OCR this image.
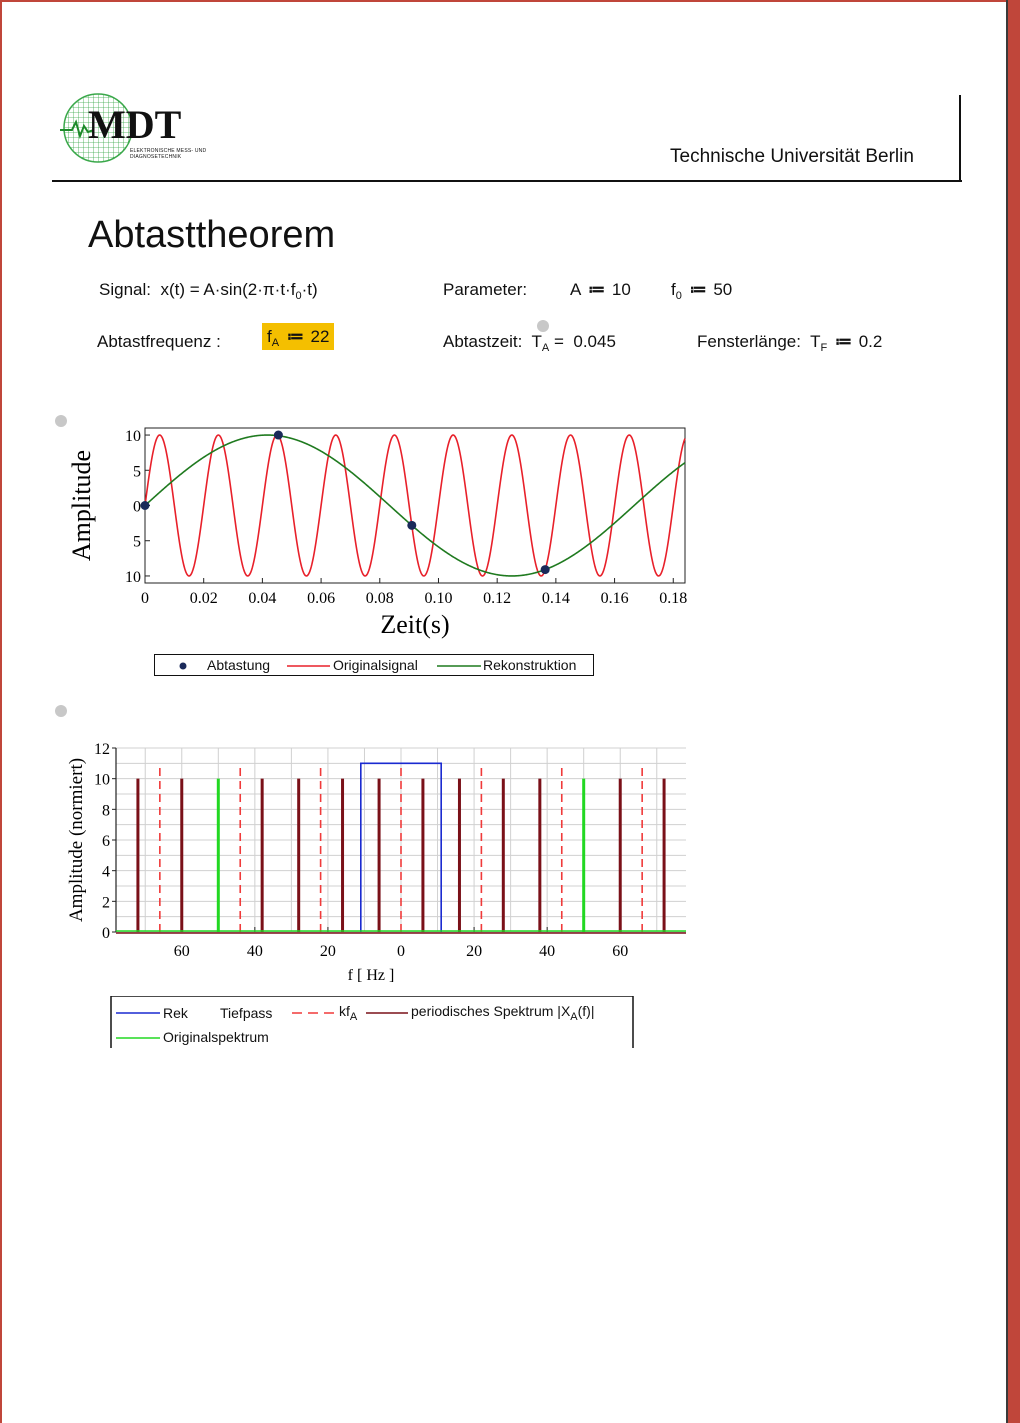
MDT
ELEKTRONISCHE MESS- UND
DIAGNOSETECHNIK	Technische Universität Berlin
Abtasttheorem
Signal: $x(t) = A\cdot\sin(2\cdot\pi\cdot t\cdot f_0\cdot t)$	Parameter:	A ≔ 10 $f_0$ ≔ 50
Abtastfrequenz :	$f_A$ ≔ 22	Abtastzeit: $T_A = 0.045$	Fensterlänge: $T_F$ ≔ 0.2
0	0.02 0.04 0.06 0.08 0.10 0.12 0.14 0.16 0.18
10
5
0
5
10
Zeit(s)
Amplitude
Abtastung	Originalsignal	Rekonstruktion
60	40	20	0	20	40	60
0
2
4
6
8
10
12
f [ Hz ]
Amplitude (normiert)
Rek Tiefpass	$kf_A$	periodisches Spektrum $|X_A(f)|$
Originalspektrum
